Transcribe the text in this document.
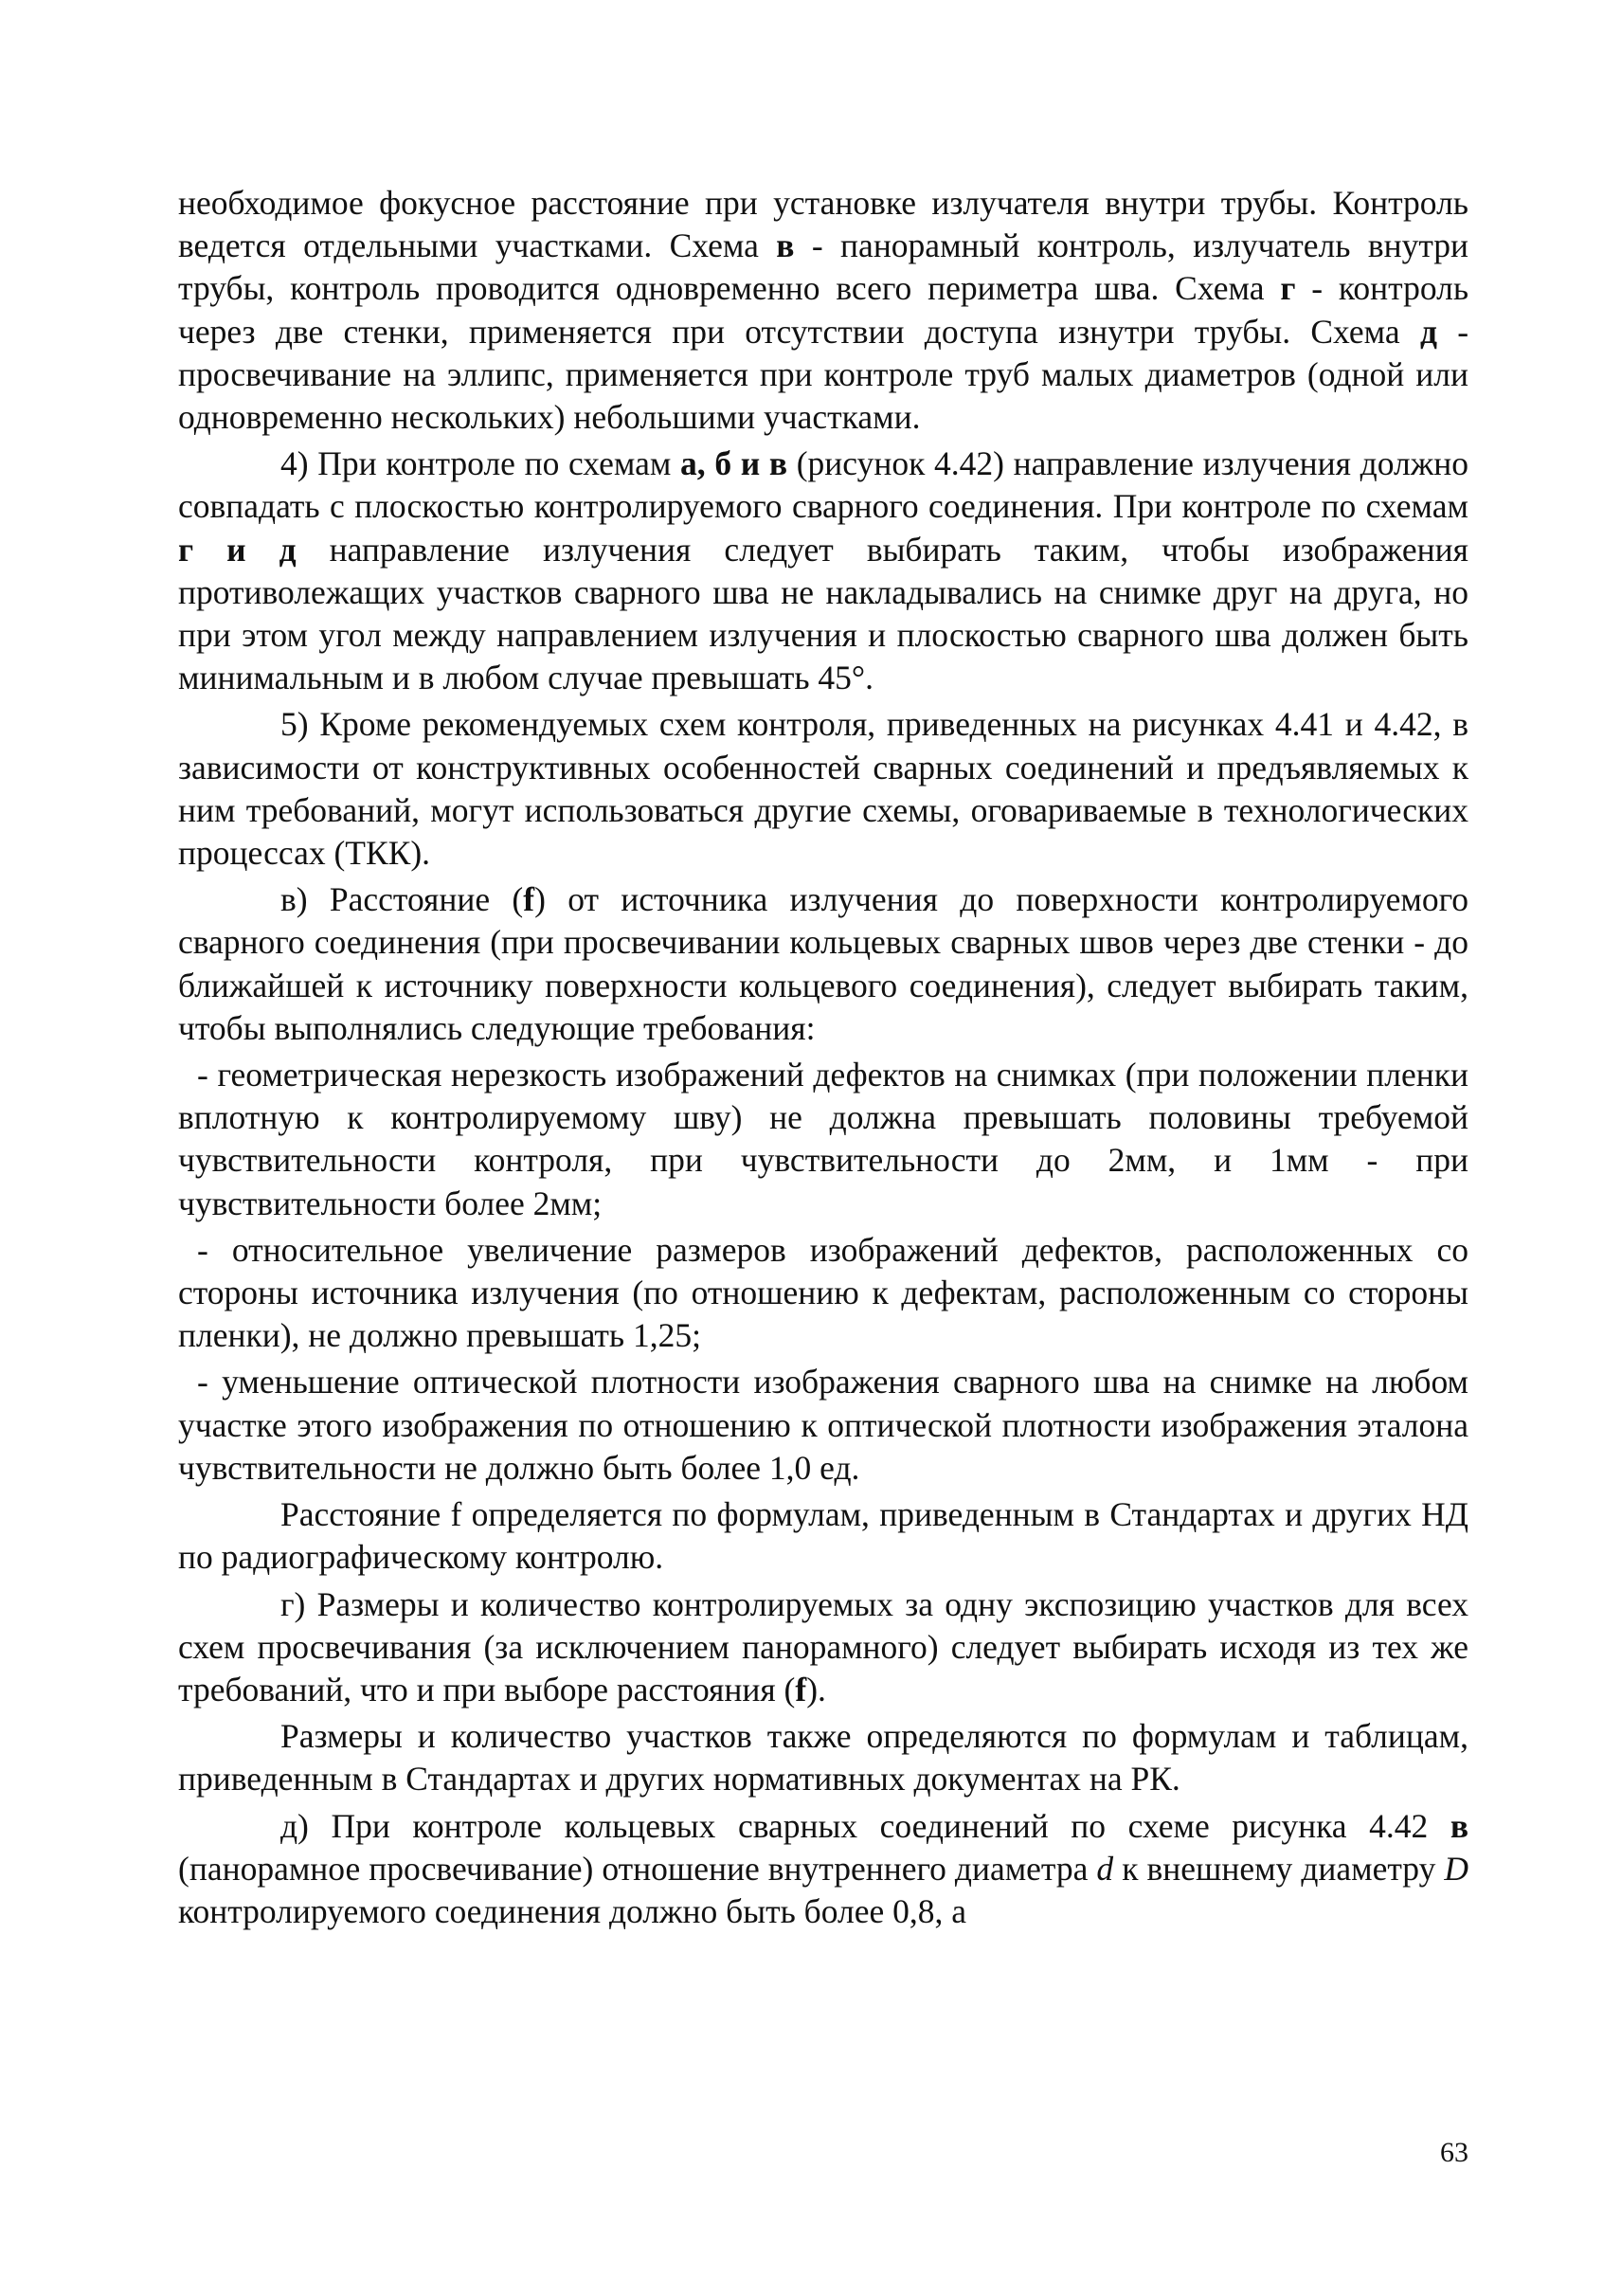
необходимое фокусное расстояние при установке излучателя внутри трубы. Контроль ведется отдельными участками. Схема в - панорамный контроль, излучатель внутри трубы, контроль проводится одновременно всего периметра шва. Схема г - контроль через две стенки, применяется при отсутствии доступа изнутри трубы. Схема д - просвечивание на эллипс, применяется при контроле труб малых диаметров (одной или одновременно нескольких) небольшими участками.

4) При контроле по схемам а, б и в (рисунок 4.42) направление излучения должно совпадать с плоскостью контролируемого сварного соединения. При контроле по схемам г и д направление излучения следует выбирать таким, чтобы изображения противолежащих участков сварного шва не накладывались на снимке друг на друга, но при этом угол между направлением излучения и плоскостью сварного шва должен быть минимальным и в любом случае превышать 45°.

5) Кроме рекомендуемых схем контроля, приведенных на рисунках 4.41 и 4.42, в зависимости от конструктивных особенностей сварных соединений и предъявляемых к ним требований, могут использоваться другие схемы, оговариваемые в технологических процессах (ТКК).

в) Расстояние (f) от источника излучения до поверхности контролируемого сварного соединения (при просвечивании кольцевых сварных швов через две стенки - до ближайшей к источнику поверхности кольцевого соединения), следует выбирать таким, чтобы выполнялись следующие требования:

- геометрическая нерезкость изображений дефектов на снимках (при положении пленки вплотную к контролируемому шву) не должна превышать половины требуемой чувствительности контроля, при чувствительности до 2мм, и 1мм - при чувствительности более 2мм;

- относительное увеличение размеров изображений дефектов, расположенных со стороны источника излучения (по отношению к дефектам, расположенным со стороны пленки), не должно превышать 1,25;

- уменьшение оптической плотности изображения сварного шва на снимке на любом участке этого изображения по отношению к оптической плотности изображения эталона чувствительности не должно быть более 1,0 ед.

Расстояние f определяется по формулам, приведенным в Стандартах и других НД по радиографическому контролю.

г) Размеры и количество контролируемых за одну экспозицию участков для всех схем просвечивания (за исключением панорамного) следует выбирать исходя из тех же требований, что и при выборе расстояния (f).

Размеры и количество участков также определяются по формулам и таблицам, приведенным в Стандартах и других нормативных документах на РК.

д) При контроле кольцевых сварных соединений по схеме рисунка 4.42 в (панорамное просвечивание) отношение внутреннего диаметра d к внешнему диаметру D контролируемого соединения должно быть более 0,8, а

63
